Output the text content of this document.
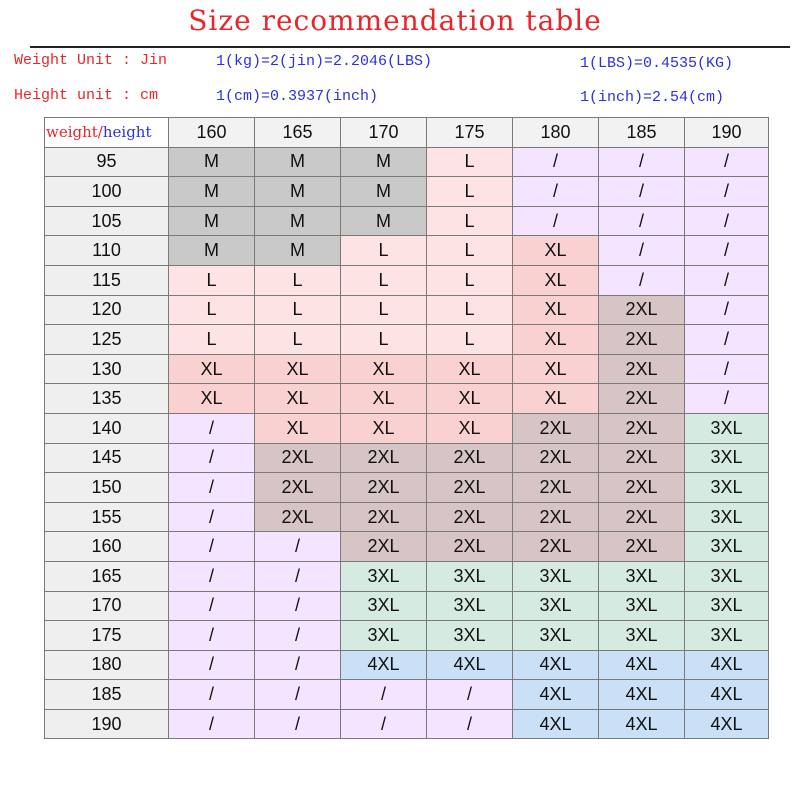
Size recommendation table
Weight Unit : Jin
Height unit : cm
1(kg)=2(jin)=2.2046(LBS)
1(cm)=0.3937(inch)
1(LBS)=0.4535(KG)
1(inch)=2.54(cm)
weight/height	160	165	170	175	180	185	190
95	M	M	M	L	/	/	/
100	M	M	M	L	/	/	/
105	M	M	M	L	/	/	/
110	M	M	L	L	XL	/	/
115	L	L	L	L	XL	/	/
120	L	L	L	L	XL	2XL	/
125	L	L	L	L	XL	2XL	/
130	XL	XL	XL	XL	XL	2XL	/
135	XL	XL	XL	XL	XL	2XL	/
140	/	XL	XL	XL	2XL	2XL	3XL
145	/	2XL	2XL	2XL	2XL	2XL	3XL
150	/	2XL	2XL	2XL	2XL	2XL	3XL
155	/	2XL	2XL	2XL	2XL	2XL	3XL
160	/	/	2XL	2XL	2XL	2XL	3XL
165	/	/	3XL	3XL	3XL	3XL	3XL
170	/	/	3XL	3XL	3XL	3XL	3XL
175	/	/	3XL	3XL	3XL	3XL	3XL
180	/	/	4XL	4XL	4XL	4XL	4XL
185	/	/	/	/	4XL	4XL	4XL
190	/	/	/	/	4XL	4XL	4XL
